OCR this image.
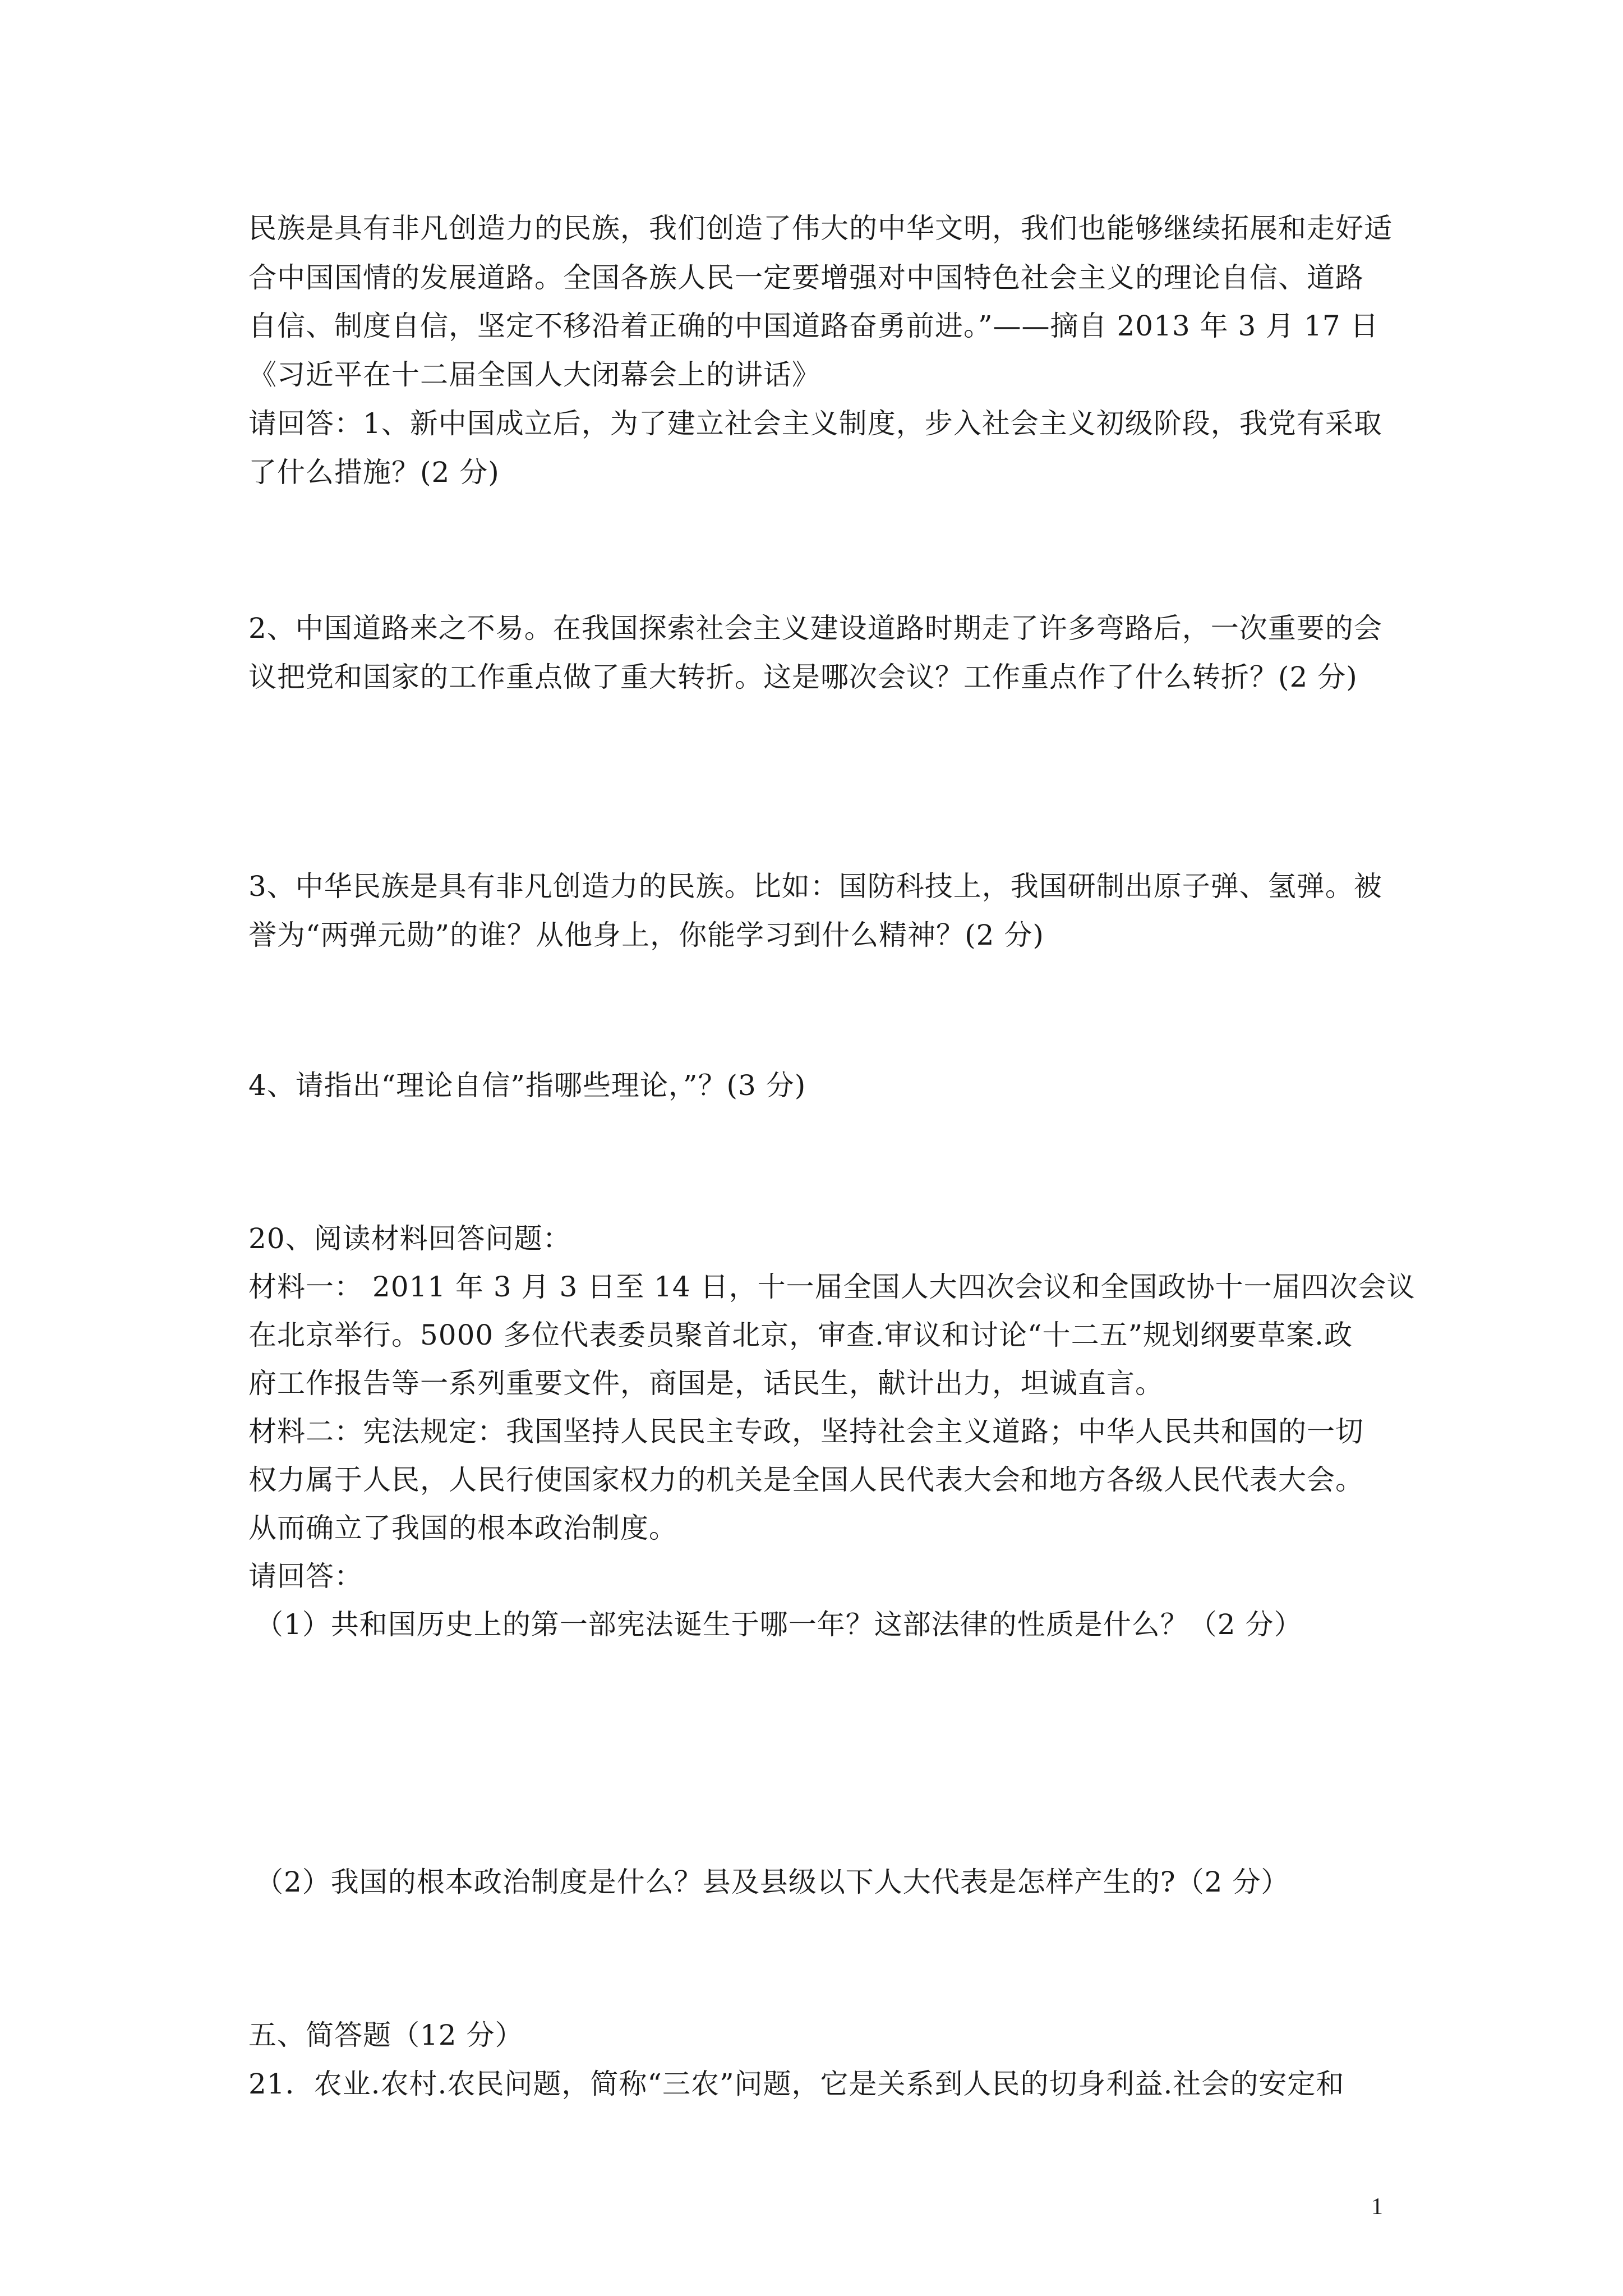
民族是具有非凡创造力的民族，我们创造了伟大的中华文明，我们也能够继续拓展和走好适
合中国国情的发展道路。全国各族人民一定要增强对中国特色社会主义的理论自信、道路
自信、制度自信，坚定不移沿着正确的中国道路奋勇前进。”——摘自 2013 年 3 月 17 日
《习近平在十二届全国人大闭幕会上的讲话》
请回答：1、新中国成立后，为了建立社会主义制度，步入社会主义初级阶段，我党有采取
了什么措施？(2 分)
2、中国道路来之不易。在我国探索社会主义建设道路时期走了许多弯路后，一次重要的会
议把党和国家的工作重点做了重大转折。这是哪次会议？工作重点作了什么转折？(2 分)
3、中华民族是具有非凡创造力的民族。比如：国防科技上，我国研制出原子弹、氢弹。被
誉为“两弹元勋”的谁？从他身上，你能学习到什么精神？(2 分)
4、请指出“理论自信”指哪些理论，”？(3 分)
20、阅读材料回答问题：
材料一： 2011 年 3 月 3 日至 14 日，十一届全国人大四次会议和全国政协十一届四次会议
在北京举行。5000 多位代表委员聚首北京，审查.审议和讨论“十二五”规划纲要草案.政
府工作报告等一系列重要文件，商国是，话民生，献计出力，坦诚直言。
材料二：宪法规定：我国坚持人民民主专政，坚持社会主义道路；中华人民共和国的一切
权力属于人民，人民行使国家权力的机关是全国人民代表大会和地方各级人民代表大会。
从而确立了我国的根本政治制度。
请回答：
（1）共和国历史上的第一部宪法诞生于哪一年？这部法律的性质是什么？（2 分）
（2）我国的根本政治制度是什么？县及县级以下人大代表是怎样产生的?（2 分）
五、简答题（12 分）
21．农业.农村.农民问题，简称“三农”问题，它是关系到人民的切身利益.社会的安定和
1
